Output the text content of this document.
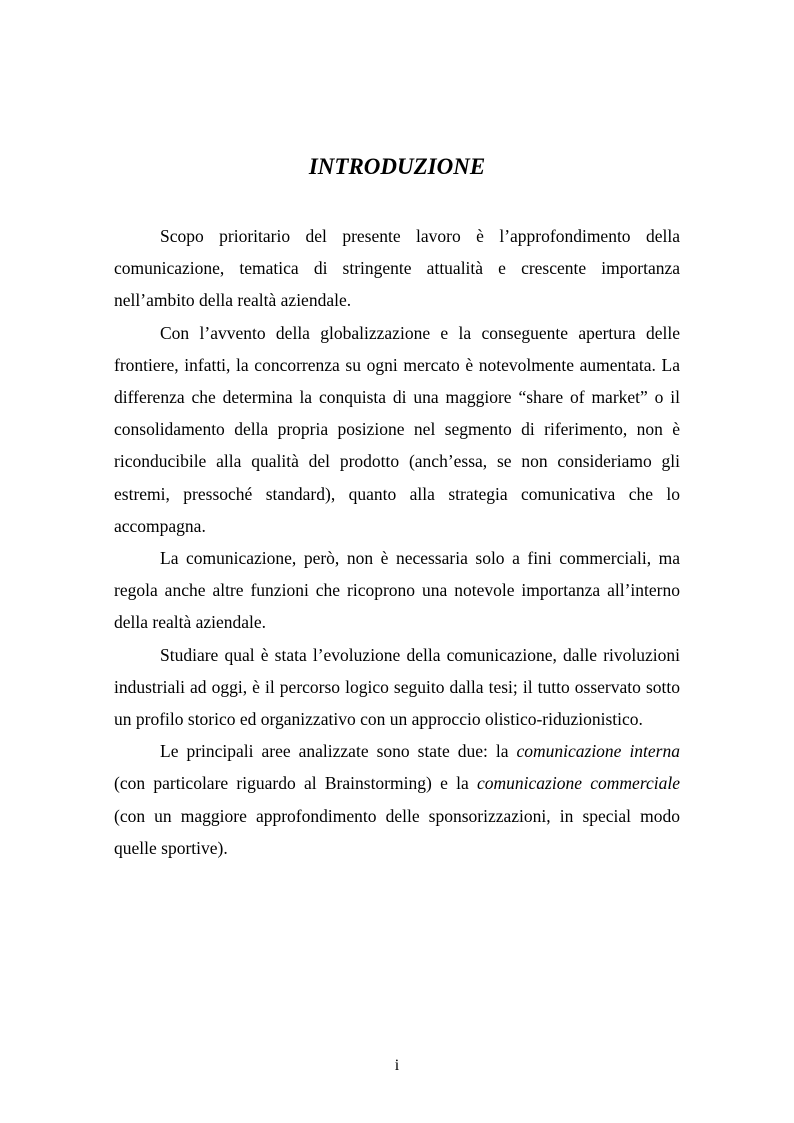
INTRODUZIONE

Scopo prioritario del presente lavoro è l’approfondimento della comunicazione, tematica di stringente attualità e crescente importanza nell’ambito della realtà aziendale.

Con l’avvento della globalizzazione e la conseguente apertura delle frontiere, infatti, la concorrenza su ogni mercato è notevolmente aumentata. La differenza che determina la conquista di una maggiore “share of market” o il consolidamento della propria posizione nel segmento di riferimento, non è riconducibile alla qualità del prodotto (anch’essa, se non consideriamo gli estremi, pressoché standard), quanto alla strategia comunicativa che lo accompagna.

La comunicazione, però, non è necessaria solo a fini commerciali, ma regola anche altre funzioni che ricoprono una notevole importanza all’interno della realtà aziendale.

Studiare qual è stata l’evoluzione della comunicazione, dalle rivoluzioni industriali ad oggi, è il percorso logico seguito dalla tesi; il tutto osservato sotto un profilo storico ed organizzativo con un approccio olistico-riduzionistico.

Le principali aree analizzate sono state due: la comunicazione interna (con particolare riguardo al Brainstorming) e la comunicazione commerciale (con un maggiore approfondimento delle sponsorizzazioni, in special modo quelle sportive).

i
